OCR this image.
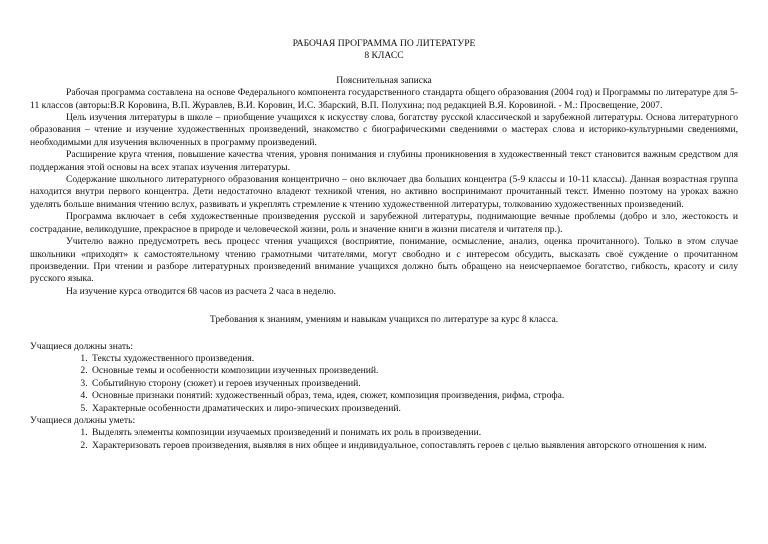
РАБОЧАЯ ПРОГРАММА ПО ЛИТЕРАТУРЕ
8 КЛАСС
Пояснительная записка

Рабочая программа составлена на основе Федерального компонента государственного стандарта общего образования (2004 год) и Программы по литературе для 5-11 классов (авторы:В.R Коровина, В.П. Журавлев, В.И. Коровин, И.С. Збарский, В.П. Полухина; под редакцией В.Я. Коровиной. - М.: Просвещение, 2007.

Цель изучения литературы в школе – приобщение учащихся к искусству слова, богатству русской классической и зарубежной литературы. Основа литературного образования – чтение и изучение художественных произведений, знакомство с биографическими сведениями о мастерах слова и историко-культурными сведениями, необходимыми для изучения включенных в программу произведений.

Расширение круга чтения, повышение качества чтения, уровня понимания и глубины проникновения в художественный текст становится важным средством для поддержания этой основы на всех этапах изучения литературы.

Содержание школьного литературного образования концентрично – оно включает два больших концентра (5-9 классы и 10-11 классы). Данная возрастная группа находится внутри первого концентра. Дети недостаточно владеют техникой чтения, но активно воспринимают прочитанный текст. Именно поэтому на уроках важно уделять больше внимания чтению вслух, развивать и укреплять стремление к чтению художественной литературы, толкованию художественных произведений.

Программа включает в себя художественные произведения русской и зарубежной литературы, поднимающие вечные проблемы (добро и зло, жестокость и сострадание, великодушие, прекрасное в природе и человеческой жизни, роль и значение книги в жизни писателя и читателя пр.).

Учителю важно предусмотреть весь процесс чтения учащихся (восприятие, понимание, осмысление, анализ, оценка прочитанного). Только в этом случае школьники «приходят» к самостоятельному чтению грамотными читателями, могут свободно и с интересом обсудить, высказать своё суждение о прочитанном произведении. При чтении и разборе литературных произведений внимание учащихся должно быть обращено на неисчерпаемое богатство, гибкость, красоту и силу русского языка.

На изучение курса отводится 68 часов из расчета 2 часа в неделю.

Требования к знаниям, умениям и навыкам учащихся по литературе за курс 8 класса.

Учащиеся должны знать:

1. Тексты художественного произведения.
2. Основные темы и особенности композиции изученных произведений.
3. Событийную сторону (сюжет) и героев изученных произведений.
4. Основные признаки понятий: художественный образ, тема, идея, сюжет, композиция произведения, рифма, строфа.
5. Характерные особенности драматических и лиро-эпических произведений.

Учащиеся должны уметь:

1. Выделять элементы композиции изучаемых произведений и понимать их роль в произведении.
2. Характеризовать героев произведения, выявляя в них общее и индивидуальное, сопоставлять героев с целью выявления авторского отношения к ним.
